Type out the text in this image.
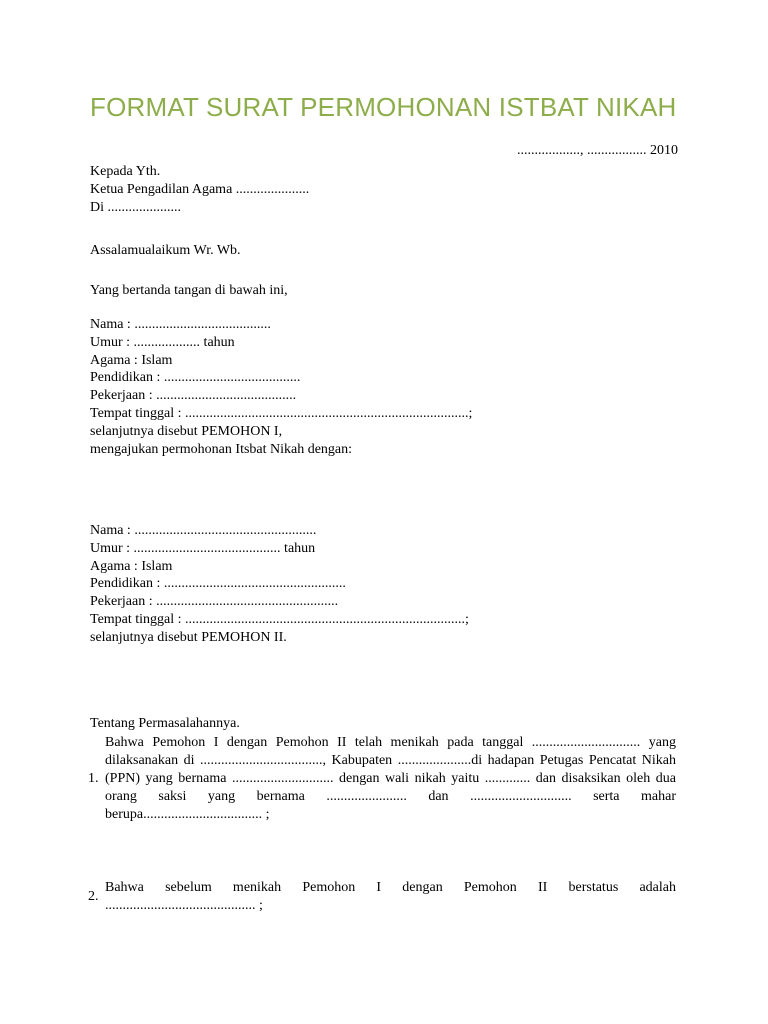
FORMAT SURAT PERMOHONAN ISTBAT NIKAH
.................., ................. 2010
Kepada Yth.
Ketua Pengadilan Agama .....................
Di .....................
Assalamualaikum Wr. Wb.
Yang bertanda tangan di bawah ini,
Nama : .......................................
Umur : ................... tahun
Agama : Islam
Pendidikan : .......................................
Pekerjaan : ........................................
Tempat tinggal : .................................................................................;
selanjutnya disebut PEMOHON I,
mengajukan permohonan Itsbat Nikah dengan:
Nama : ....................................................
Umur : .......................................... tahun
Agama : Islam
Pendidikan : ....................................................
Pekerjaan : ....................................................
Tempat tinggal : ................................................................................;
selanjutnya disebut PEMOHON II.
Tentang Permasalahannya.
1.
Bahwa Pemohon I dengan Pemohon II telah menikah pada tanggal ............................... yang dilaksanakan di ..................................., Kabupaten .....................di hadapan Petugas Pencatat Nikah (PPN) yang bernama ............................. dengan wali nikah yaitu ............. dan disaksikan oleh dua orang saksi yang bernama ....................... dan ............................. serta mahar berupa.................................. ;
2.
Bahwa sebelum menikah Pemohon I dengan Pemohon II berstatus adalah
........................................... ;
